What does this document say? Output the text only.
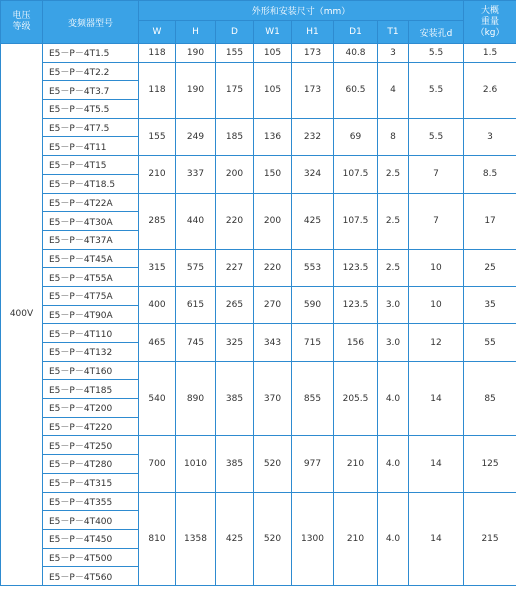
电压
等级	变频器型号	外形和安装尺寸（mm）								大概
重量
（kg）

		W	H	D	W1	H1	D1	T1	安装孔d	
400V	E5－P－4T1.5	118	190	155	105	173	40.8	3	5.5	1.5
	E5－P－4T2.2	118	190	175	105	173	60.5	4	5.5	2.6
	E5－P－4T3.7									
	E5－P－4T5.5									
	E5－P－4T7.5	155	249	185	136	232	69	8	5.5	3
	E5－P－4T11									
	E5－P－4T15	210	337	200	150	324	107.5	2.5	7	8.5
	E5－P－4T18.5									
	E5－P－4T22A	285	440	220	200	425	107.5	2.5	7	17
	E5－P－4T30A									
	E5－P－4T37A									
	E5－P－4T45A	315	575	227	220	553	123.5	2.5	10	25
	E5－P－4T55A									
	E5－P－4T75A	400	615	265	270	590	123.5	3.0	10	35
	E5－P－4T90A									
	E5－P－4T110	465	745	325	343	715	156	3.0	12	55
	E5－P－4T132									
	E5－P－4T160	540	890	385	370	855	205.5	4.0	14	85
	E5－P－4T185									
	E5－P－4T200									
	E5－P－4T220									
	E5－P－4T250	700	1010	385	520	977	210	4.0	14	125
	E5－P－4T280									
	E5－P－4T315									
	E5－P－4T355	810	1358	425	520	1300	210	4.0	14	215
	E5－P－4T400									
	E5－P－4T450									
	E5－P－4T500									
	E5－P－4T560									
